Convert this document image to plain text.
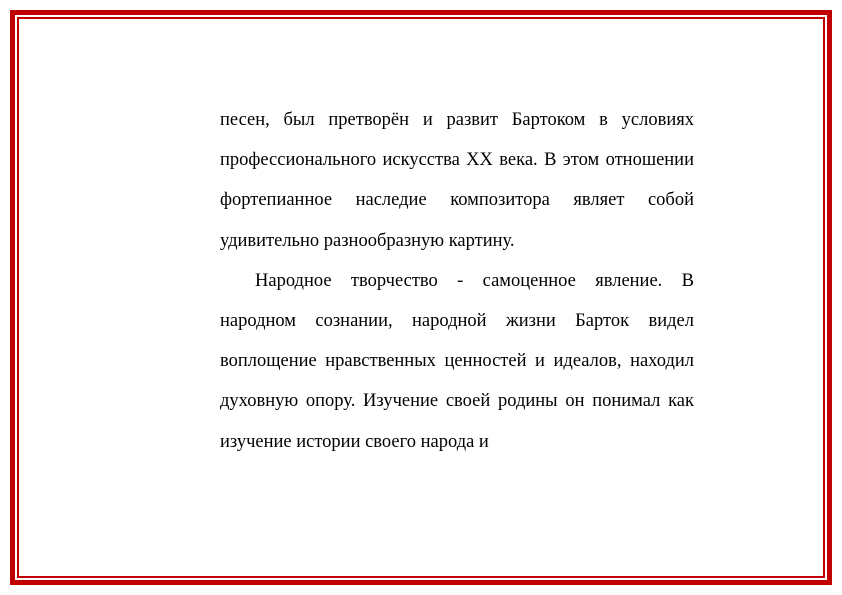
песен, был претворён и развит Бартоком в условиях профессионального искусства XX века. В этом отношении фортепианное наследие композитора являет собой удивительно разнообразную картину.

Народное творчество - самоценное явление. В народном сознании, народной жизни Барток видел воплощение нравственных ценностей и идеалов, находил духовную опору. Изучение своей родины он понимал как изучение истории своего народа и
